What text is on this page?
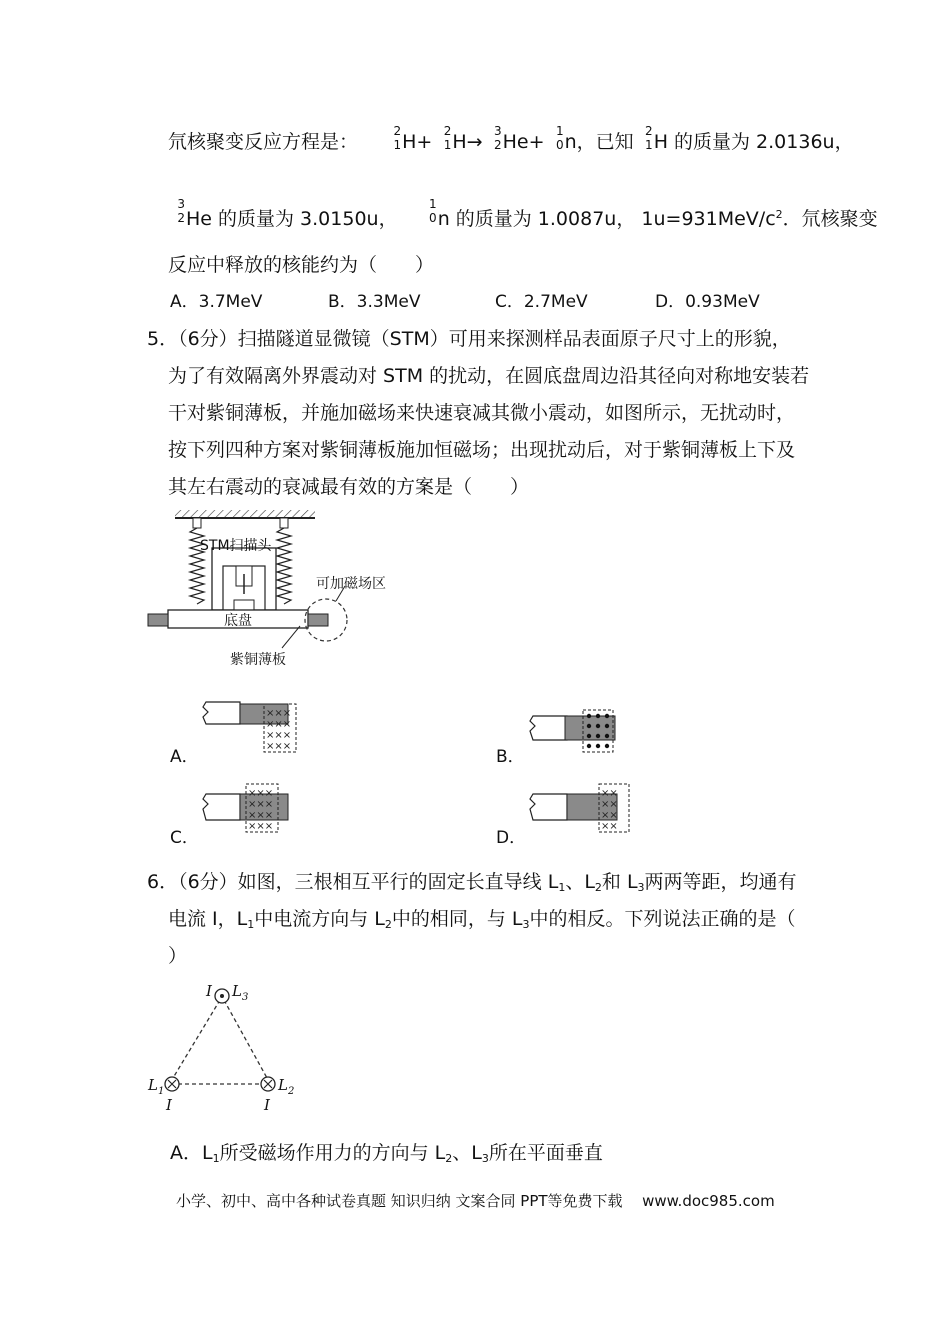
氘核聚变反应方程是：	2
1 H+ 2
1 H→ 3
2 He+ 1
0 n，已知 2
1 H 的质量为 2.0136u，
3
2 He 的质量为 3.0150u，
1
0 n 的质量为 1.0087u， $1u=931MeV/c^2$．氘核聚变
反应中释放的核能约为（　　）
A．3.7MeV	B．3.3MeV	C．2.7MeV	D．0.93MeV
5．（6分）扫描隧道显微镜（STM）可用来探测样品表面原子尺寸上的形貌，
为了有效隔离外界震动对 STM 的扰动，在圆底盘周边沿其径向对称地安装若
干对紫铜薄板，并施加磁场来快速衰减其微小震动，如图所示，无扰动时，
按下列四种方案对紫铜薄板施加恒磁场；出现扰动后，对于紫铜薄板上下及
其左右震动的衰减最有效的方案是（　　）
STM扫描头
底盘
可加磁场区
紫铜薄板
×××
×××
×××
×××
A．	B．
×××
×××
×××
×××
C．
××
××
××
××
D．
6．（6分）如图，三根相互平行的固定长直导线 $L_1$、$L_2$和 $L_3$两两等距，均通有
电流 I，$L_1$中电流方向与 $L_2$中的相同，与 $L_3$中的相反。下列说法正确的是（
）
I $L_3$
$L_1$	$L_2$
I	I
A．$L_1$所受磁场作用力的方向与 $L_2$、$L_3$所在平面垂直
小学、初中、高中各种试卷真题 知识归纳 文案合同 PPT等免费下载 www.doc985.com
